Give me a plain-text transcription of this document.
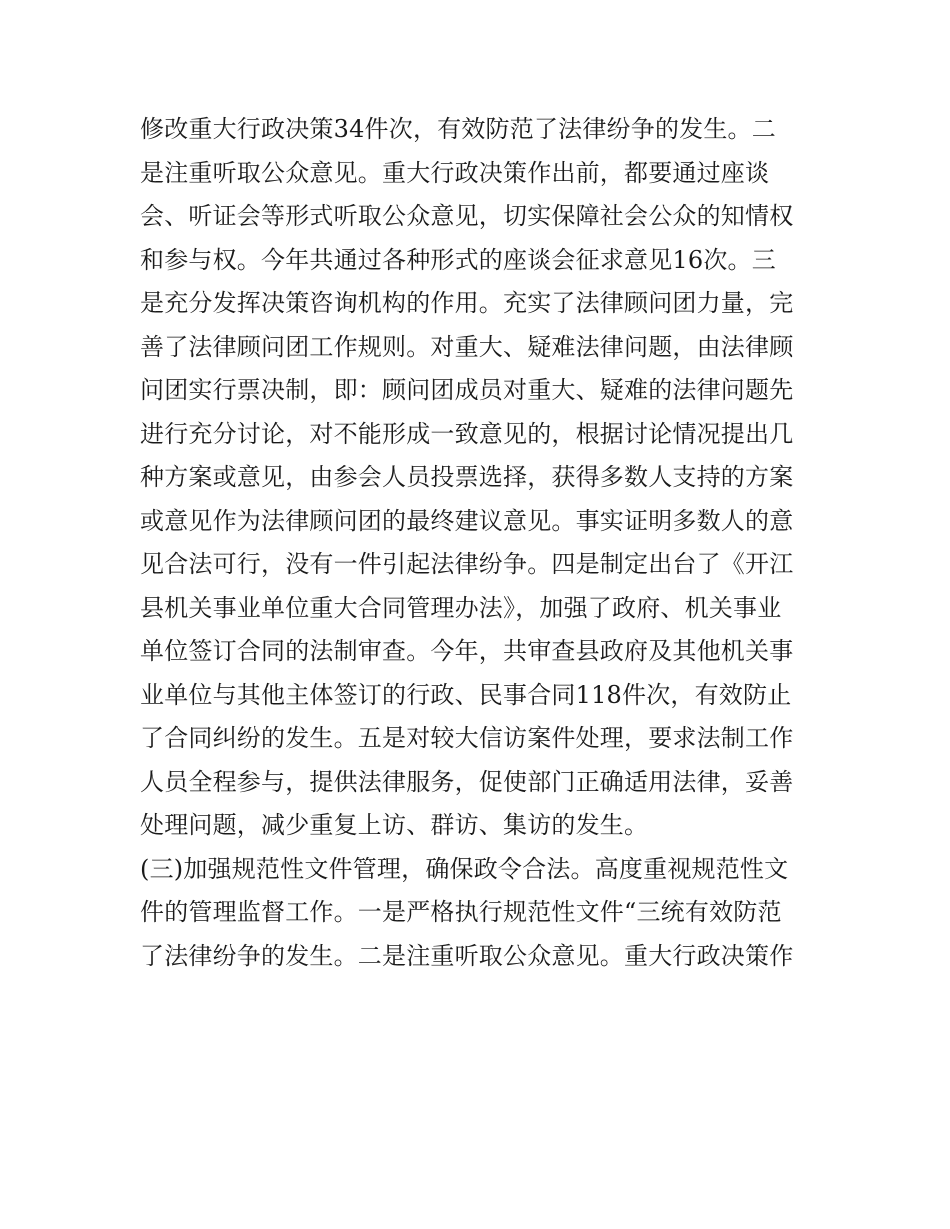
修改重大行政决策34件次，有效防范了法律纷争的发生。二
是注重听取公众意见。重大行政决策作出前，都要通过座谈
会、听证会等形式听取公众意见，切实保障社会公众的知情权
和参与权。今年共通过各种形式的座谈会征求意见16次。三
是充分发挥决策咨询机构的作用。充实了法律顾问团力量，完
善了法律顾问团工作规则。对重大、疑难法律问题，由法律顾
问团实行票决制，即：顾问团成员对重大、疑难的法律问题先
进行充分讨论，对不能形成一致意见的，根据讨论情况提出几
种方案或意见，由参会人员投票选择，获得多数人支持的方案
或意见作为法律顾问团的最终建议意见。事实证明多数人的意
见合法可行，没有一件引起法律纷争。四是制定出台了《开江
县机关事业单位重大合同管理办法》，加强了政府、机关事业
单位签订合同的法制审查。今年，共审查县政府及其他机关事
业单位与其他主体签订的行政、民事合同118件次，有效防止
了合同纠纷的发生。五是对较大信访案件处理，要求法制工作
人员全程参与，提供法律服务，促使部门正确适用法律，妥善
处理问题，减少重复上访、群访、集访的发生。
(三)加强规范性文件管理，确保政令合法。高度重视规范性文
件的管理监督工作。一是严格执行规范性文件“三统有效防范
了法律纷争的发生。二是注重听取公众意见。重大行政决策作
